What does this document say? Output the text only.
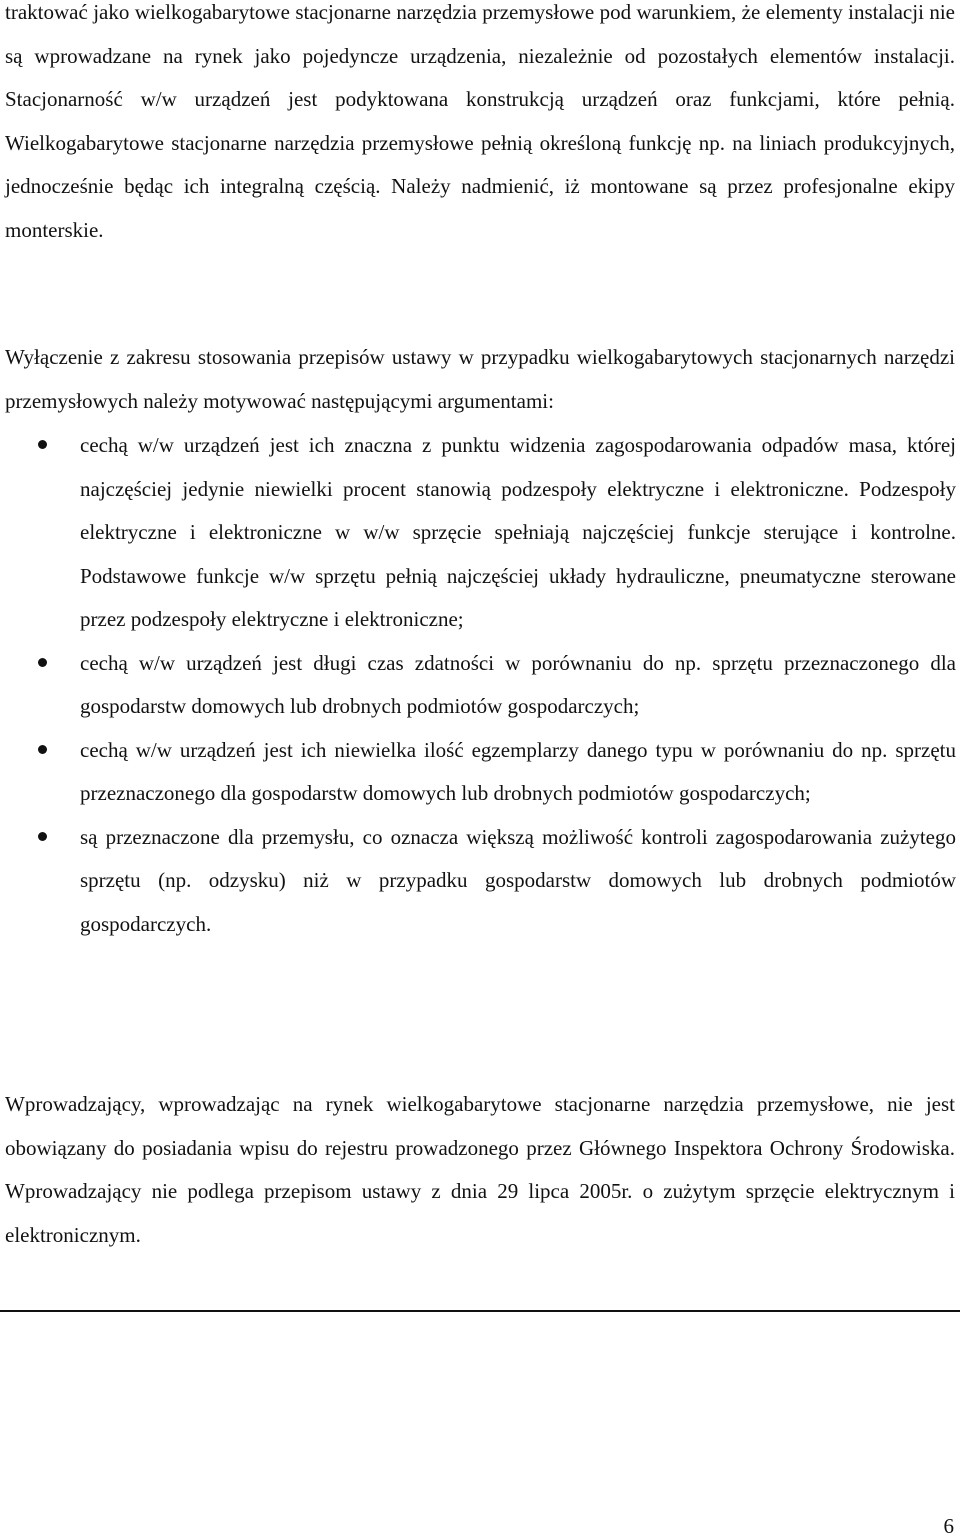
traktować jako wielkogabarytowe stacjonarne narzędzia przemysłowe pod warunkiem, że elementy instalacji nie są wprowadzane na rynek jako pojedyncze urządzenia, niezależnie od pozostałych elementów instalacji. Stacjonarność w/w urządzeń jest podyktowana konstrukcją urządzeń oraz funkcjami, które pełnią. Wielkogabarytowe stacjonarne narzędzia przemysłowe pełnią określoną funkcję np. na liniach produkcyjnych, jednocześnie będąc ich integralną częścią. Należy nadmienić, iż montowane są przez profesjonalne ekipy monterskie.

Wyłączenie z zakresu stosowania przepisów ustawy w przypadku wielkogabarytowych stacjonarnych narzędzi przemysłowych należy motywować następującymi argumentami:

cechą w/w urządzeń jest ich znaczna z punktu widzenia zagospodarowania odpadów masa, której najczęściej jedynie niewielki procent stanowią podzespoły elektryczne i elektroniczne. Podzespoły elektryczne i elektroniczne w w/w sprzęcie spełniają najczęściej funkcje sterujące i kontrolne. Podstawowe funkcje w/w sprzętu pełnią najczęściej układy hydrauliczne, pneumatyczne sterowane przez podzespoły elektryczne i elektroniczne;
cechą w/w urządzeń jest długi czas zdatności w porównaniu do np. sprzętu przeznaczonego dla gospodarstw domowych lub drobnych podmiotów gospodarczych;
cechą w/w urządzeń jest ich niewielka ilość egzemplarzy danego typu w porównaniu do np. sprzętu przeznaczonego dla gospodarstw domowych lub drobnych podmiotów gospodarczych;
są przeznaczone dla przemysłu, co oznacza większą możliwość kontroli zagospodarowania zużytego sprzętu (np. odzysku) niż w przypadku gospodarstw domowych lub drobnych podmiotów gospodarczych.

Wprowadzający, wprowadzając na rynek wielkogabarytowe stacjonarne narzędzia przemysłowe, nie jest obowiązany do posiadania wpisu do rejestru prowadzonego przez Głównego Inspektora Ochrony Środowiska. Wprowadzający nie podlega przepisom ustawy z dnia 29 lipca 2005r. o zużytym sprzęcie elektrycznym i elektronicznym.

6
